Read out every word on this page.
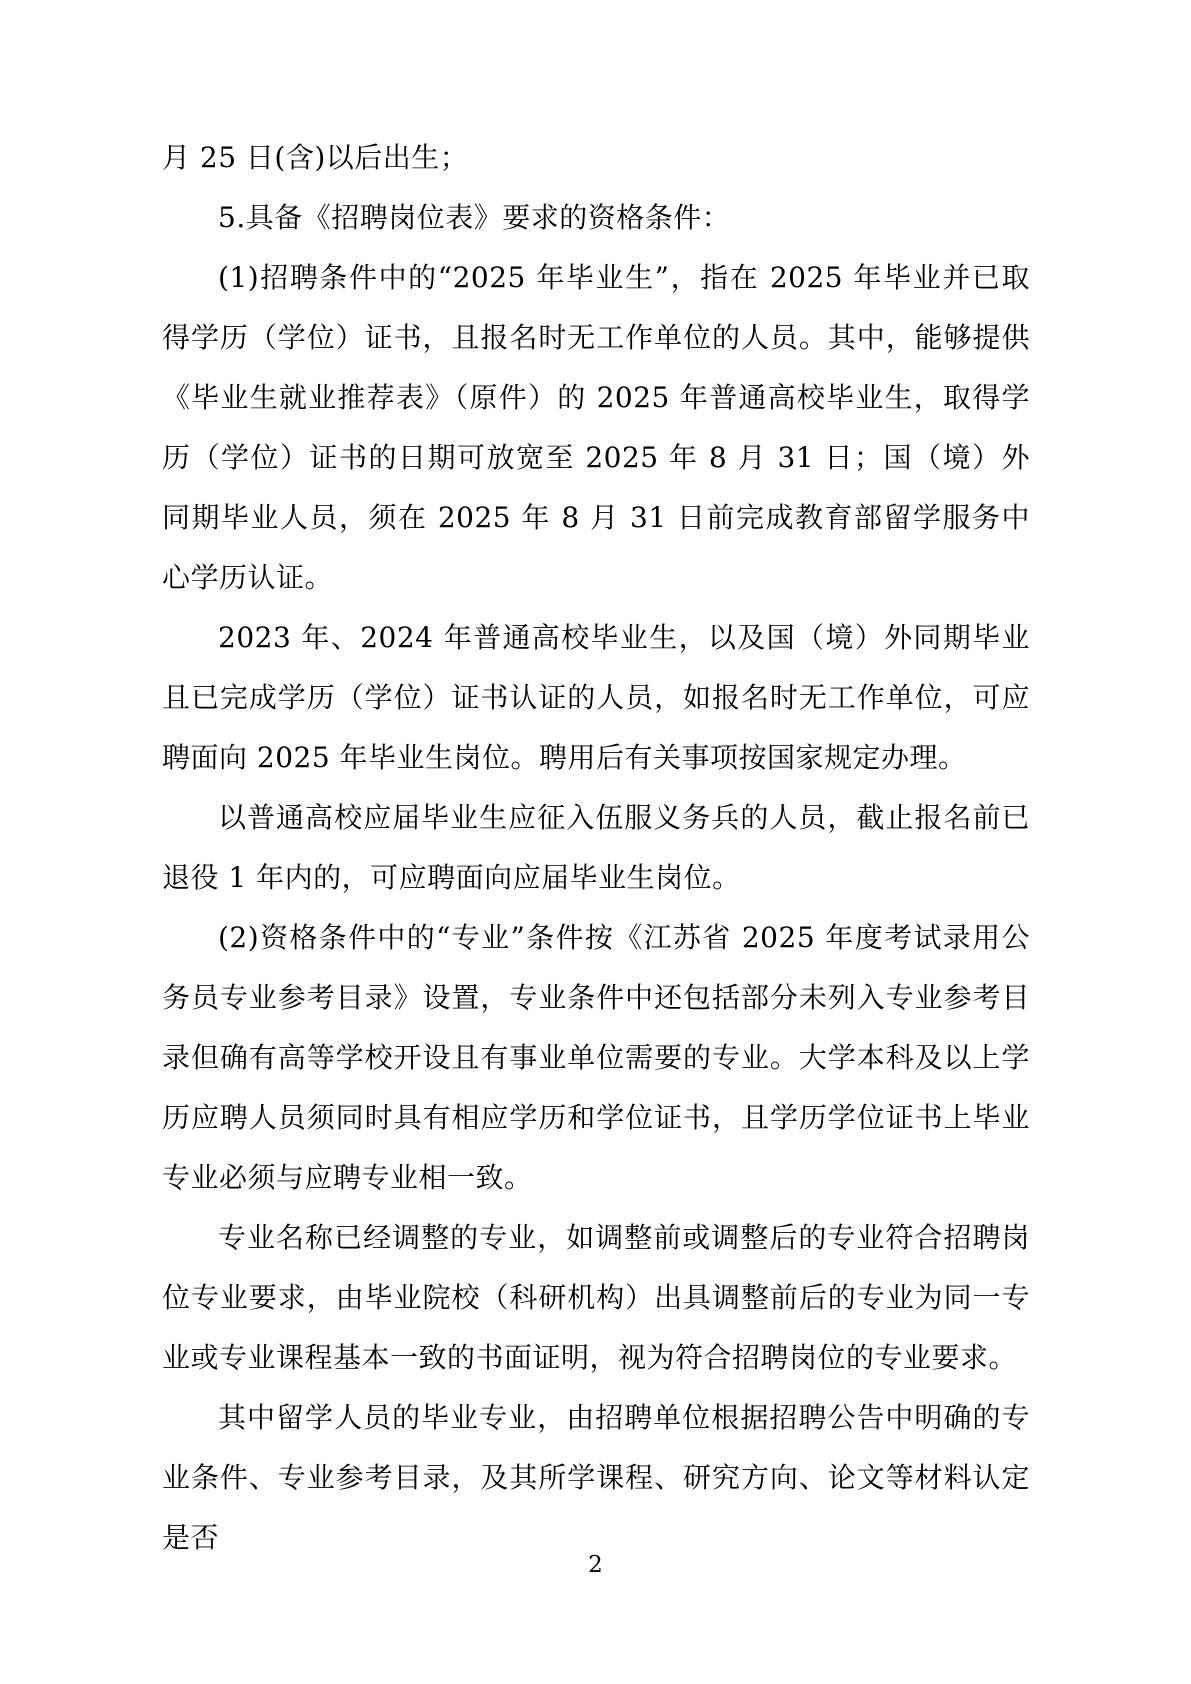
月 25 日(含)以后出生；

5.具备《招聘岗位表》要求的资格条件：

(1)招聘条件中的“2025 年毕业生”，指在 2025 年毕业并已取得学历（学位）证书，且报名时无工作单位的人员。其中，能够提供《毕业生就业推荐表》（原件）的 2025 年普通高校毕业生，取得学历（学位）证书的日期可放宽至 2025 年 8 月 31 日；国（境）外同期毕业人员，须在 2025 年 8 月 31 日前完成教育部留学服务中心学历认证。

2023 年、2024 年普通高校毕业生，以及国（境）外同期毕业且已完成学历（学位）证书认证的人员，如报名时无工作单位，可应聘面向 2025 年毕业生岗位。聘用后有关事项按国家规定办理。

以普通高校应届毕业生应征入伍服义务兵的人员，截止报名前已退役 1 年内的，可应聘面向应届毕业生岗位。

(2)资格条件中的“专业”条件按《江苏省 2025 年度考试录用公务员专业参考目录》设置，专业条件中还包括部分未列入专业参考目录但确有高等学校开设且有事业单位需要的专业。大学本科及以上学历应聘人员须同时具有相应学历和学位证书，且学历学位证书上毕业专业必须与应聘专业相一致。

专业名称已经调整的专业，如调整前或调整后的专业符合招聘岗位专业要求，由毕业院校（科研机构）出具调整前后的专业为同一专业或专业课程基本一致的书面证明，视为符合招聘岗位的专业要求。

其中留学人员的毕业专业，由招聘单位根据招聘公告中明确的专业条件、专业参考目录，及其所学课程、研究方向、论文等材料认定是否

2
